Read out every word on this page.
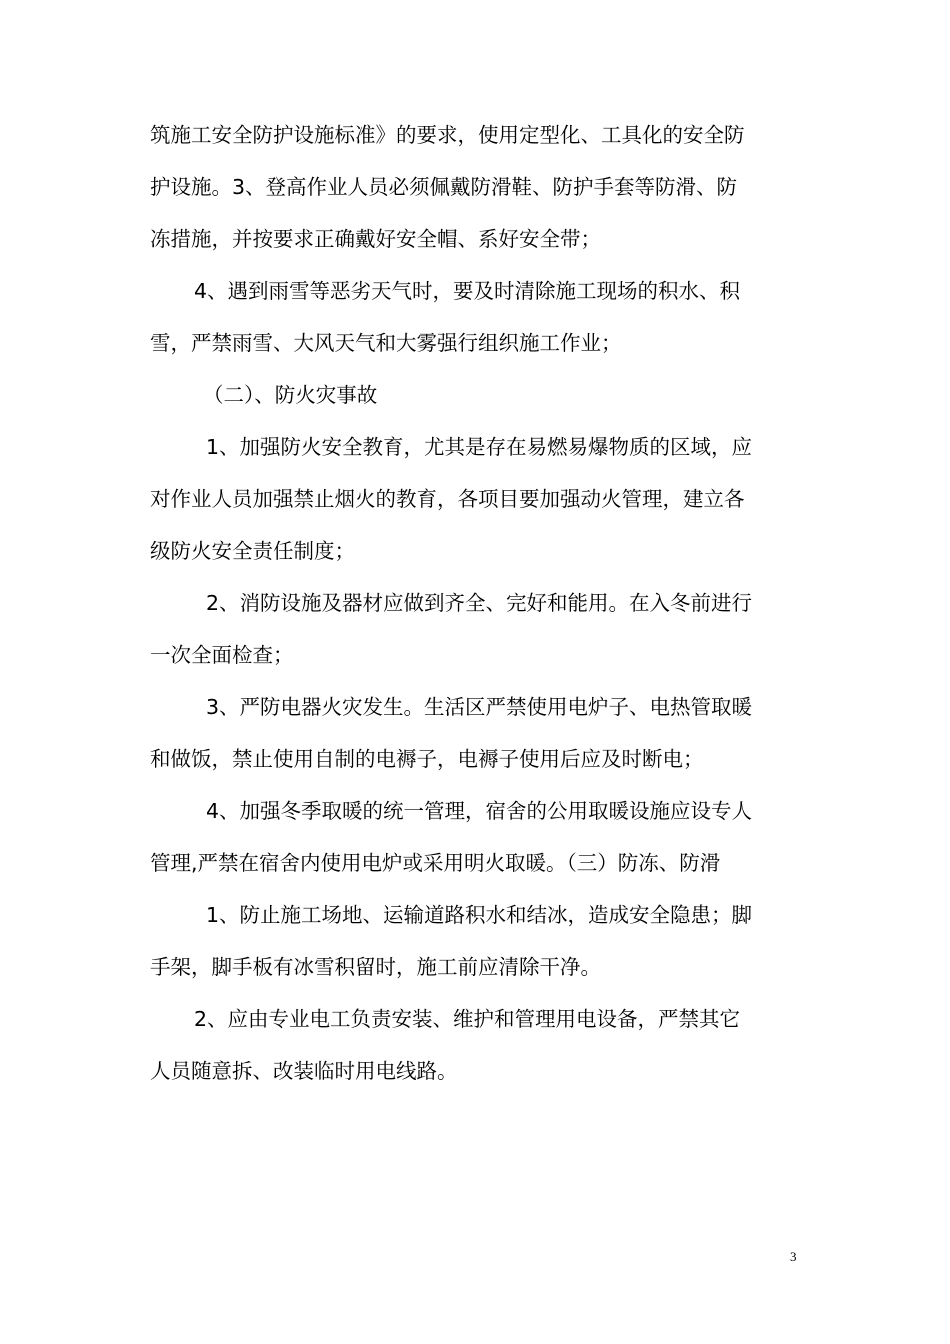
筑施工安全防护设施标准》的要求，使用定型化、工具化的安全防
护设施。3、登高作业人员必须佩戴防滑鞋、防护手套等防滑、防
冻措施，并按要求正确戴好安全帽、系好安全带；
4、遇到雨雪等恶劣天气时，要及时清除施工现场的积水、积
雪，严禁雨雪、大风天气和大雾强行组织施工作业；
（二）、防火灾事故
1、加强防火安全教育，尤其是存在易燃易爆物质的区域，应
对作业人员加强禁止烟火的教育，各项目要加强动火管理，建立各
级防火安全责任制度；
2、消防设施及器材应做到齐全、完好和能用。在入冬前进行
一次全面检查；
3、严防电器火灾发生。生活区严禁使用电炉子、电热管取暖
和做饭，禁止使用自制的电褥子，电褥子使用后应及时断电；
4、加强冬季取暖的统一管理，宿舍的公用取暖设施应设专人
管理,严禁在宿舍内使用电炉或采用明火取暖。（三）防冻、防滑
1、防止施工场地、运输道路积水和结冰，造成安全隐患；脚
手架，脚手板有冰雪积留时，施工前应清除干净。
2、应由专业电工负责安装、维护和管理用电设备，严禁其它
人员随意拆、改装临时用电线路。
3
